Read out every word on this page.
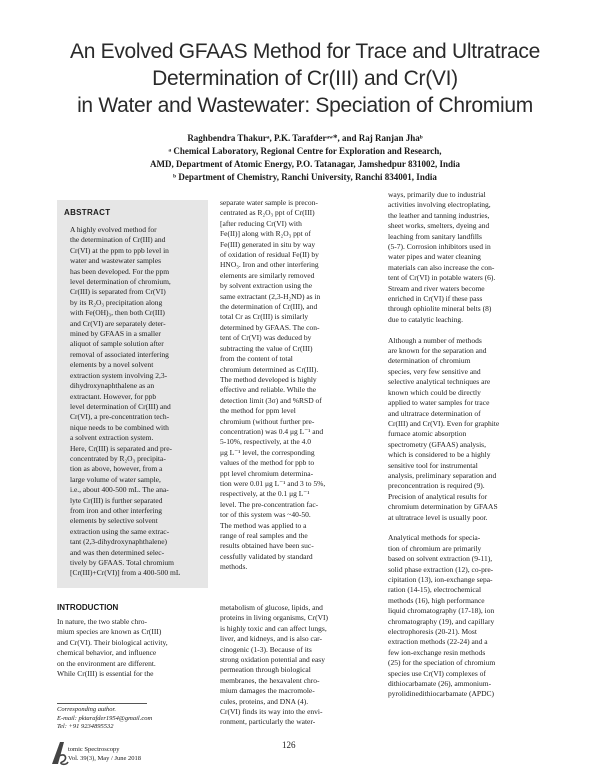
An Evolved GFAAS Method for Trace and Ultratrace
Determination of Cr(III) and Cr(VI)
in Water and Wastewater: Speciation of Chromium
Raghbendra Thakurᵃ, P.K. Tarafderᵃʷ*, and Raj Ranjan Jhaᵇ
ᵃ Chemical Laboratory, Regional Centre for Exploration and Research,
AMD, Department of Atomic Energy, P.O. Tatanagar, Jamshedpur 831002, India
ᵇ Department of Chemistry, Ranchi University, Ranchi 834001, India
ABSTRACT
A highly evolved method for
the determination of Cr(III) and
Cr(VI) at the ppm to ppb level in
water and wastewater samples
has been developed. For the ppm
level determination of chromium,
Cr(III) is separated from Cr(VI)
by its R₂O₃ precipitation along
with Fe(OH)₃, then both Cr(III)
and Cr(VI) are separately deter-
mined by GFAAS in a smaller
aliquot of sample solution after
removal of associated interfering
elements by a novel solvent
extraction system involving 2,3-
dihydroxynaphthalene as an
extractant. However, for ppb
level determination of Cr(III) and
Cr(VI), a pre-concentration tech-
nique needs to be combined with
a solvent extraction system.
Here, Cr(III) is separated and pre-
concentrated by R₂O₃ precipita-
tion as above, however, from a
large volume of water sample,
i.e., about 400-500 mL. The ana-
lyte Cr(III) is further separated
from iron and other interfering
elements by selective solvent
extraction using the same extrac-
tant (2,3-dihydroxynaphthalene)
and was then determined selec-
tively by GFAAS. Total chromium
[Cr(III)+Cr(VI)] from a 400-500 mL
separate water sample is precon-
centrated as R₂O₃ ppt of Cr(III)
[after reducing Cr(VI) with
Fe(II)] along with R₂O₃ ppt of
Fe(III) generated in situ by way
of oxidation of residual Fe(II) by
HNO₃. Iron and other interfering
elements are similarly removed
by solvent extraction using the
same extractant (2,3-H₂ND) as in
the determination of Cr(III), and
total Cr as Cr(III) is similarly
determined by GFAAS. The con-
tent of Cr(VI) was deduced by
subtracting the value of Cr(III)
from the content of total
chromium determined as Cr(III).
The method developed is highly
effective and reliable. While the
detection limit (3σ) and %RSD of
the method for ppm level
chromium (without further pre-
concentration) was 0.4 μg L⁻¹ and
5-10%, respectively, at the 4.0
μg L⁻¹ level, the corresponding
values of the method for ppb to
ppt level chromium determina-
tion were 0.01 μg L⁻¹ and 3 to 5%,
respectively, at the 0.1 μg L⁻¹
level. The pre-concentration fac-
tor of this system was ~40-50.
The method was applied to a
range of real samples and the
results obtained have been suc-
cessfully validated by standard
methods.
INTRODUCTION
In nature, the two stable chro-
mium species are known as Cr(III)
and Cr(VI). Their biological activity,
chemical behavior, and influence
on the environment are different.
While Cr(III) is essential for the
metabolism of glucose, lipids, and
proteins in living organisms, Cr(VI)
is highly toxic and can affect lungs,
liver, and kidneys, and is also car-
cinogenic (1-3). Because of its
strong oxidation potential and easy
permeation through biological
membranes, the hexavalent chro-
mium damages the macromole-
cules, proteins, and DNA (4).
Cr(VI) finds its way into the envi-
ronment, particularly the water-
ways, primarily due to industrial
activities involving electroplating,
the leather and tanning industries,
sheet works, smelters, dyeing and
leaching from sanitary landfills
(5-7). Corrosion inhibitors used in
water pipes and water cleaning
materials can also increase the con-
tent of Cr(VI) in potable waters (6).
Stream and river waters become
enriched in Cr(VI) if these pass
through ophiolite mineral belts (8)
due to catalytic leaching.
Although a number of methods
are known for the separation and
determination of chromium
species, very few sensitive and
selective analytical techniques are
known which could be directly
applied to water samples for trace
and ultratrace determination of
Cr(III) and Cr(VI). Even for graphite
furnace atomic absorption
spectrometry (GFAAS) analysis,
which is considered to be a highly
sensitive tool for instrumental
analysis, preliminary separation and
preconcentration is required (9).
Precision of analytical results for
chromium determination by GFAAS
at ultratrace level is usually poor.
Analytical methods for specia-
tion of chromium are primarily
based on solvent extraction (9-11),
solid phase extraction (12), co-pre-
cipitation (13), ion-exchange sepa-
ration (14-15), electrochemical
methods (16), high performance
liquid chromatography (17-18), ion
chromatography (19), and capillary
electrophoresis (20-21). Most
extraction methods (22-24) and a
few ion-exchange resin methods
(25) for the speciation of chromium
species use Cr(VI) complexes of
dithiocarbamate (26), ammonium-
pyrolidinedithiocarbamate (APDC)
Corresponding author.
E-mail: pktarafder1954@gmail.com
Tel: +91 9234895532
tomic Spectroscopy
Vol. 39(3), May / June 2018
126
